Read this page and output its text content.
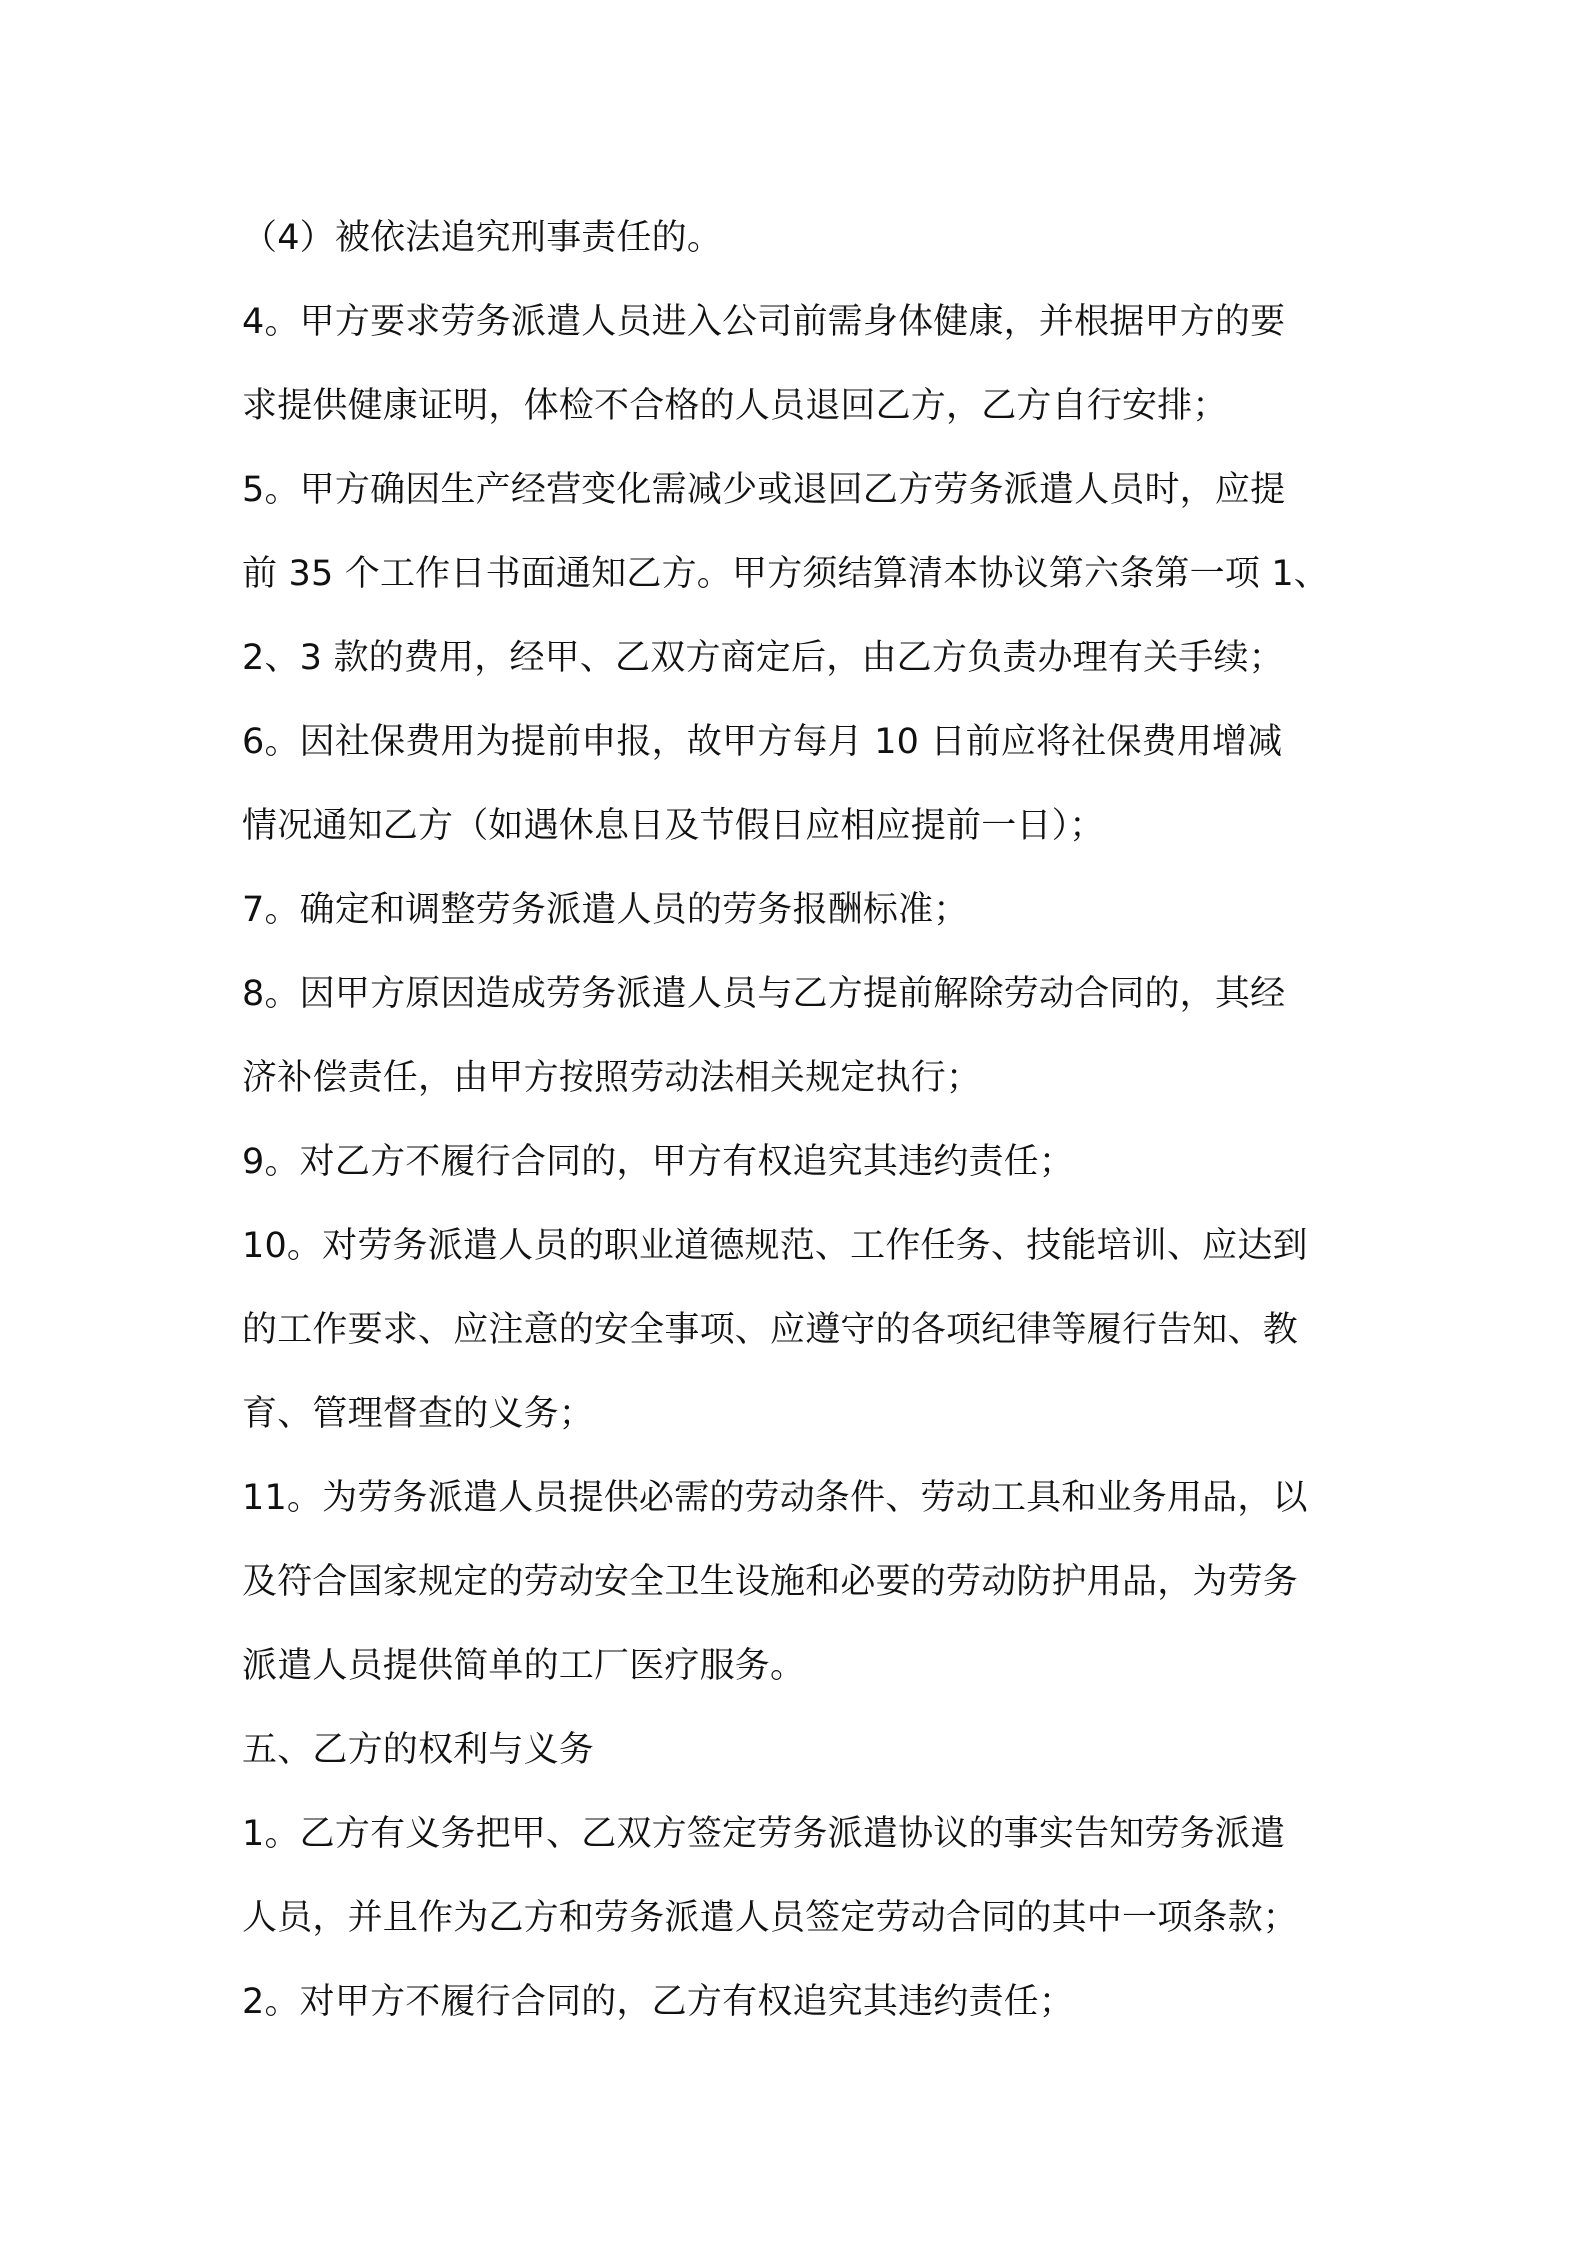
（4）被依法追究刑事责任的。
4。甲方要求劳务派遣人员进入公司前需身体健康，并根据甲方的要
求提供健康证明，体检不合格的人员退回乙方，乙方自行安排；
5。甲方确因生产经营变化需减少或退回乙方劳务派遣人员时，应提
前 35 个工作日书面通知乙方。甲方须结算清本协议第六条第一项 1、
2、3 款的费用，经甲、乙双方商定后，由乙方负责办理有关手续；
6。因社保费用为提前申报，故甲方每月 10 日前应将社保费用增减
情况通知乙方（如遇休息日及节假日应相应提前一日）；
7。确定和调整劳务派遣人员的劳务报酬标准；
8。因甲方原因造成劳务派遣人员与乙方提前解除劳动合同的，其经
济补偿责任，由甲方按照劳动法相关规定执行；
9。对乙方不履行合同的，甲方有权追究其违约责任；
10。对劳务派遣人员的职业道德规范、工作任务、技能培训、应达到
的工作要求、应注意的安全事项、应遵守的各项纪律等履行告知、教
育、管理督查的义务；
11。为劳务派遣人员提供必需的劳动条件、劳动工具和业务用品，以
及符合国家规定的劳动安全卫生设施和必要的劳动防护用品，为劳务
派遣人员提供简单的工厂医疗服务。
五、乙方的权利与义务
1。乙方有义务把甲、乙双方签定劳务派遣协议的事实告知劳务派遣
人员，并且作为乙方和劳务派遣人员签定劳动合同的其中一项条款；
2。对甲方不履行合同的，乙方有权追究其违约责任；
